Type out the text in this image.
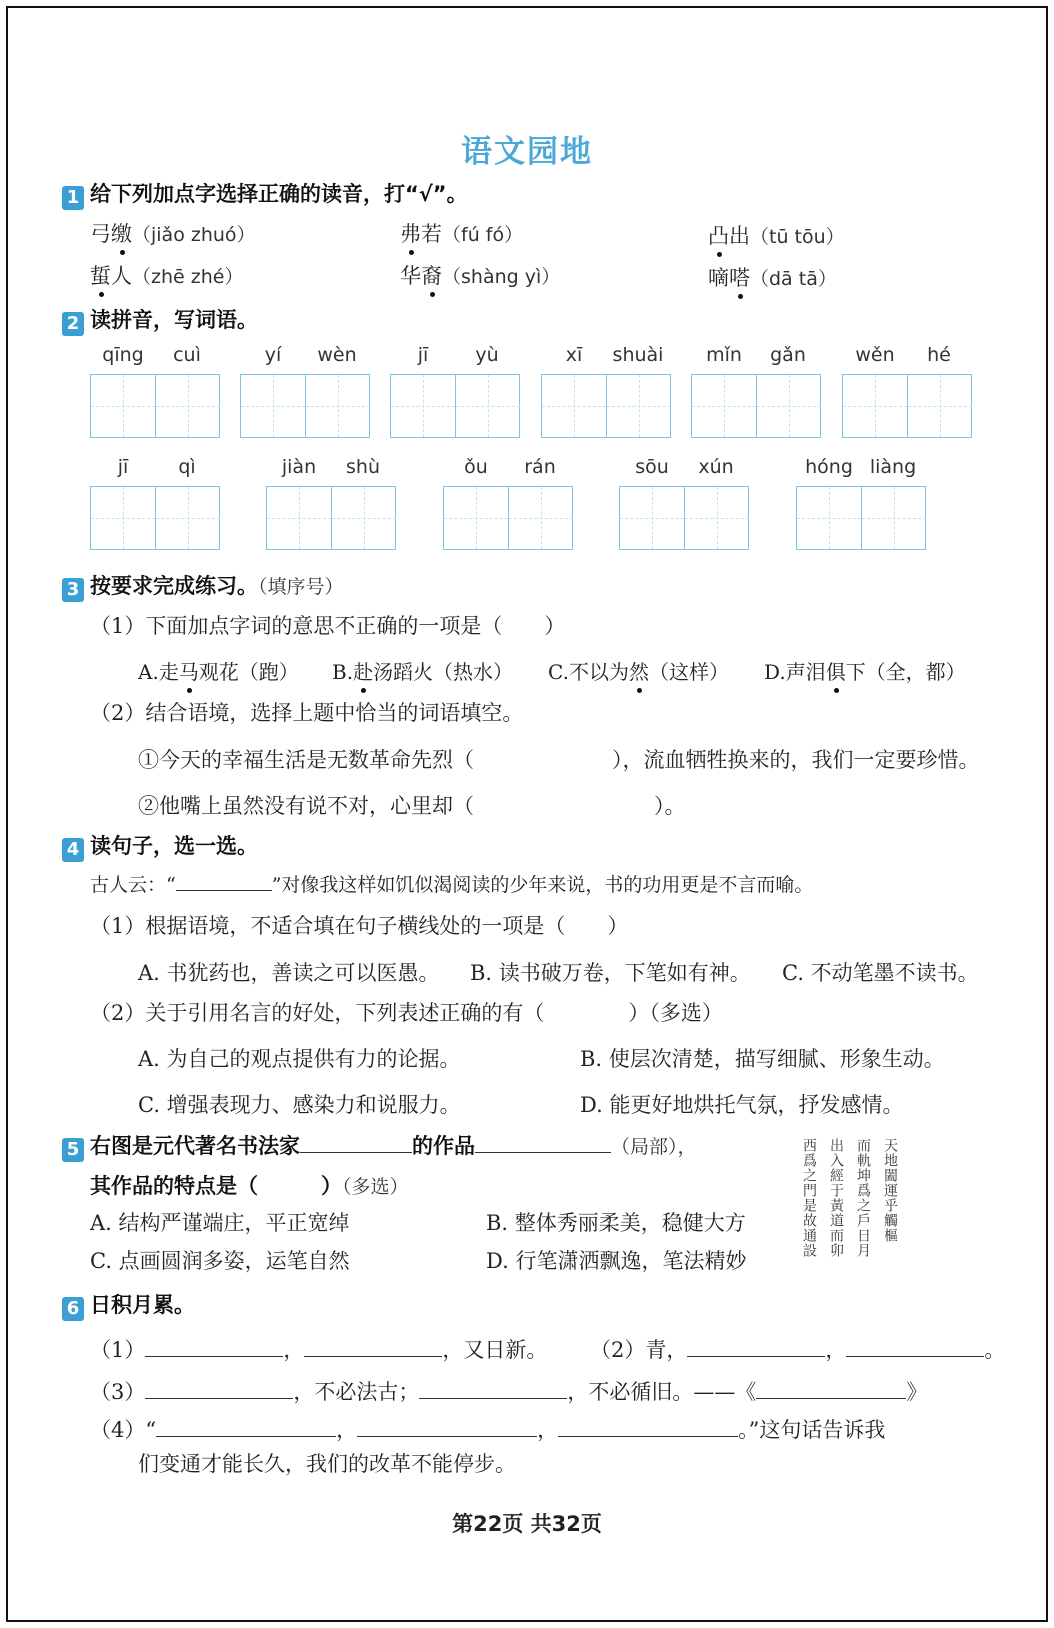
语文园地
1 给下列加点字选择正确的读音，打“√”。
弓缴（jiǎo zhuó）	弗若（fú fó）	凸出（tū tōu）
蜇人（zhē zhé）	华裔（shàng yì）	嘀嗒（dā tā）
2 读拼音，写词语。
qīng	cuì	yí	wèn	jī	yù	xī	shuài	mǐn	gǎn	wěn	hé
jī	qì	jiàn	shù	ǒu	rán	sōu	xún	hóng liàng
3 按要求完成练习。（填序号）
（1）下面加点字词的意思不正确的一项是（　　）
A.走马观花（跑） B.赴汤蹈火（热水） C.不以为然（这样） D.声泪俱下（全，都）
（2）结合语境，选择上题中恰当的词语填空。
①今天的幸福生活是无数革命先烈（	），流血牺牲换来的，我们一定要珍惜。
②他嘴上虽然没有说不对，心里却（	）。
4 读句子，选一选。
古人云：“	”对像我这样如饥似渴阅读的少年来说，书的功用更是不言而喻。
（1）根据语境，不适合填在句子横线处的一项是（　　）
A. 书犹药也，善读之可以医愚。 B. 读书破万卷，下笔如有神。 C. 不动笔墨不读书。
（2）关于引用名言的好处，下列表述正确的有（　　　　）（多选）
A. 为自己的观点提供有力的论据。	B. 使层次清楚，描写细腻、形象生动。
C. 增强表现力、感染力和说服力。	D. 能更好地烘托气氛，抒发感情。
5 右图是元代著名书法家	的作品	（局部），
其作品的特点是（　　　）（多选）
A. 结构严谨端庄，平正宽绰	B. 整体秀丽柔美，稳健大方
C. 点画圆润多姿，运笔自然	D. 行笔潇洒飘逸，笔法精妙
天地闔運乎觸樞
而軌坤爲之戶日月
出入經于黃道而卯
西爲之門是故通設
6 日积月累。
（1）	，	，又日新。 （2）青，	，	。
（3）	，不必法古；	，不必循旧。——《	》
（4）“	，	，	。”这句话告诉我
们变通才能长久，我们的改革不能停步。
第22页 共32页
